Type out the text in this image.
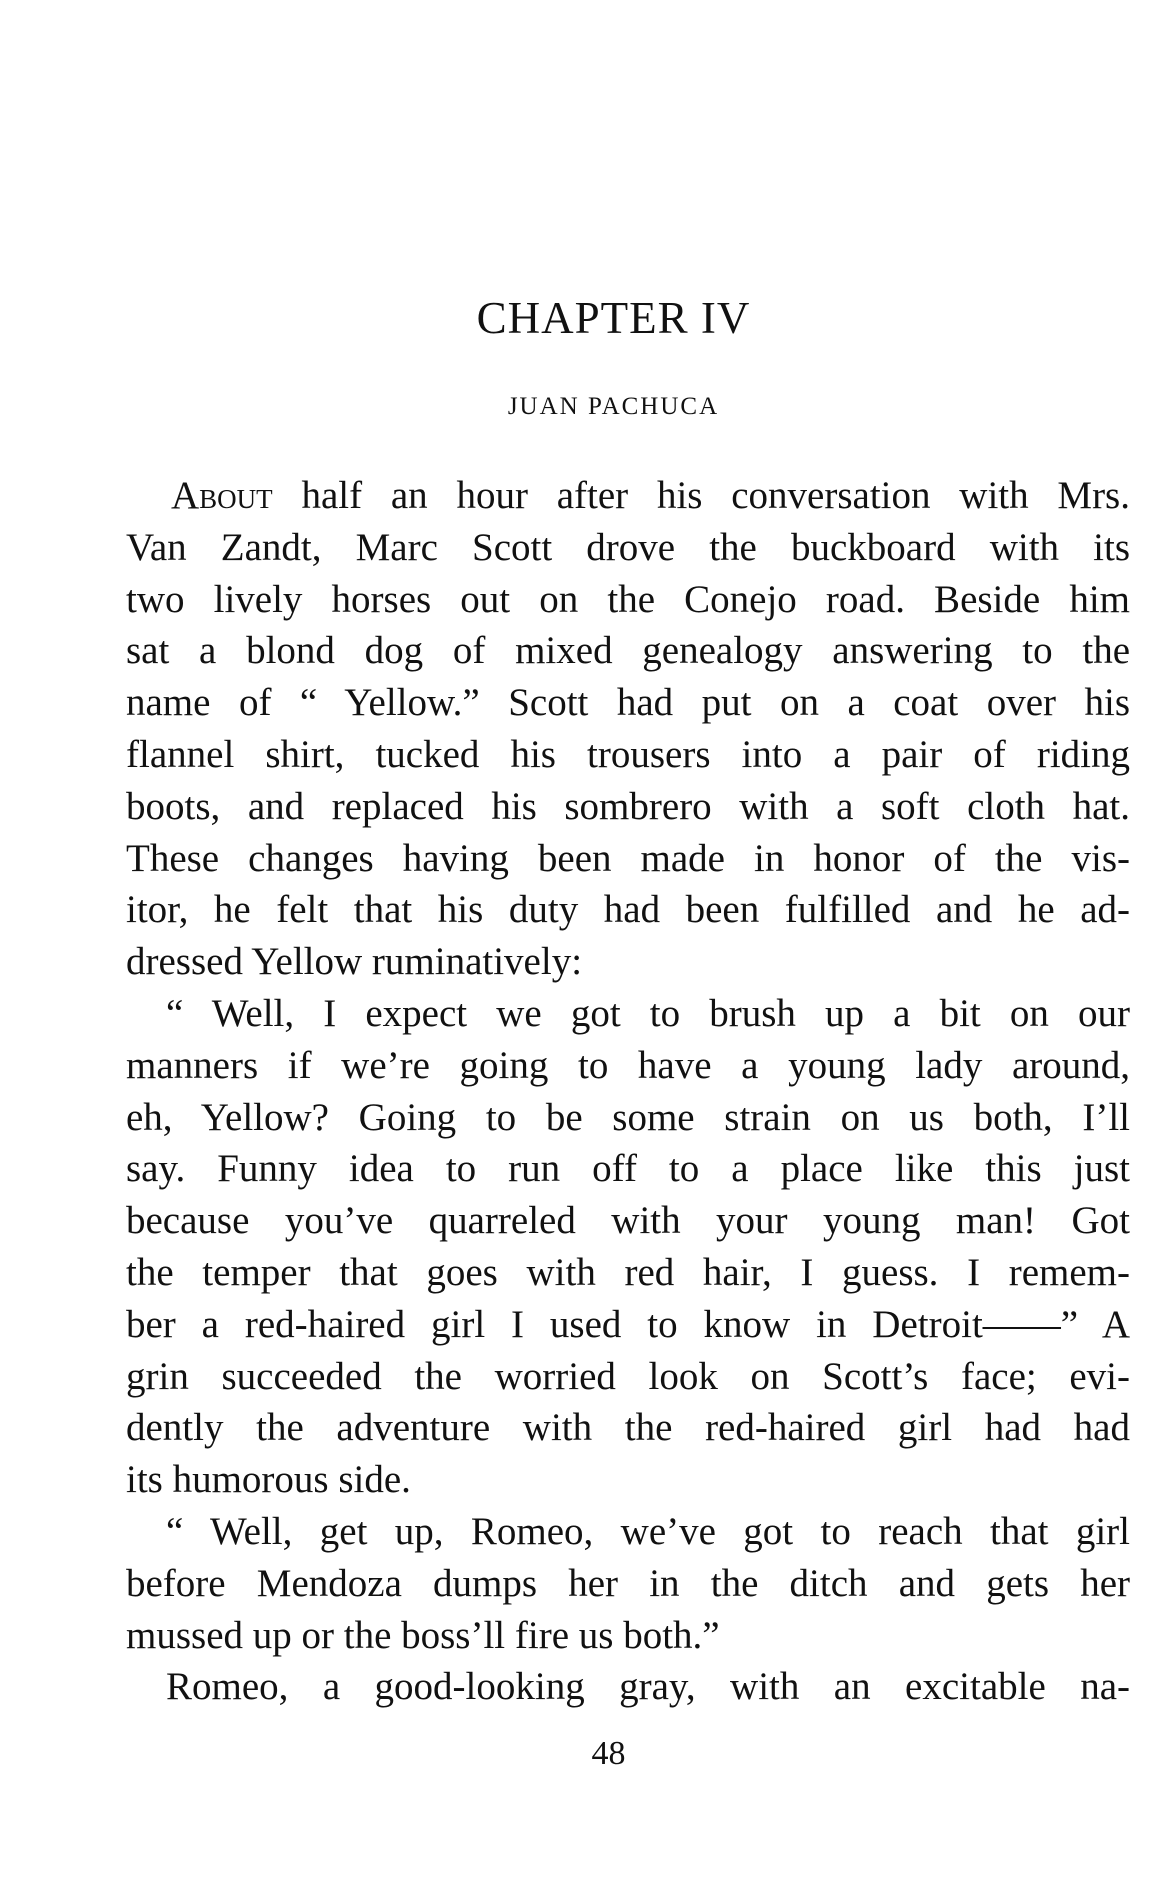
CHAPTER IV
JUAN PACHUCA
About half an hour after his conversation with Mrs.
Van Zandt, Marc Scott drove the buckboard with its
two lively horses out on the Conejo road. Beside him
sat a blond dog of mixed genealogy answering to the
name of “ Yellow.” Scott had put on a coat over his
flannel shirt, tucked his trousers into a pair of riding
boots, and replaced his sombrero with a soft cloth hat.
These changes having been made in honor of the vis-
itor, he felt that his duty had been fulfilled and he ad-
dressed Yellow ruminatively:
“ Well, I expect we got to brush up a bit on our
manners if we’re going to have a young lady around,
eh, Yellow? Going to be some strain on us both, I’ll
say. Funny idea to run off to a place like this just
because you’ve quarreled with your young man! Got
the temper that goes with red hair, I guess. I remem-
ber a red-haired girl I used to know in Detroit——” A
grin succeeded the worried look on Scott’s face; evi-
dently the adventure with the red-haired girl had had
its humorous side.
“ Well, get up, Romeo, we’ve got to reach that girl
before Mendoza dumps her in the ditch and gets her
mussed up or the boss’ll fire us both.”
Romeo, a good-looking gray, with an excitable na-
48
